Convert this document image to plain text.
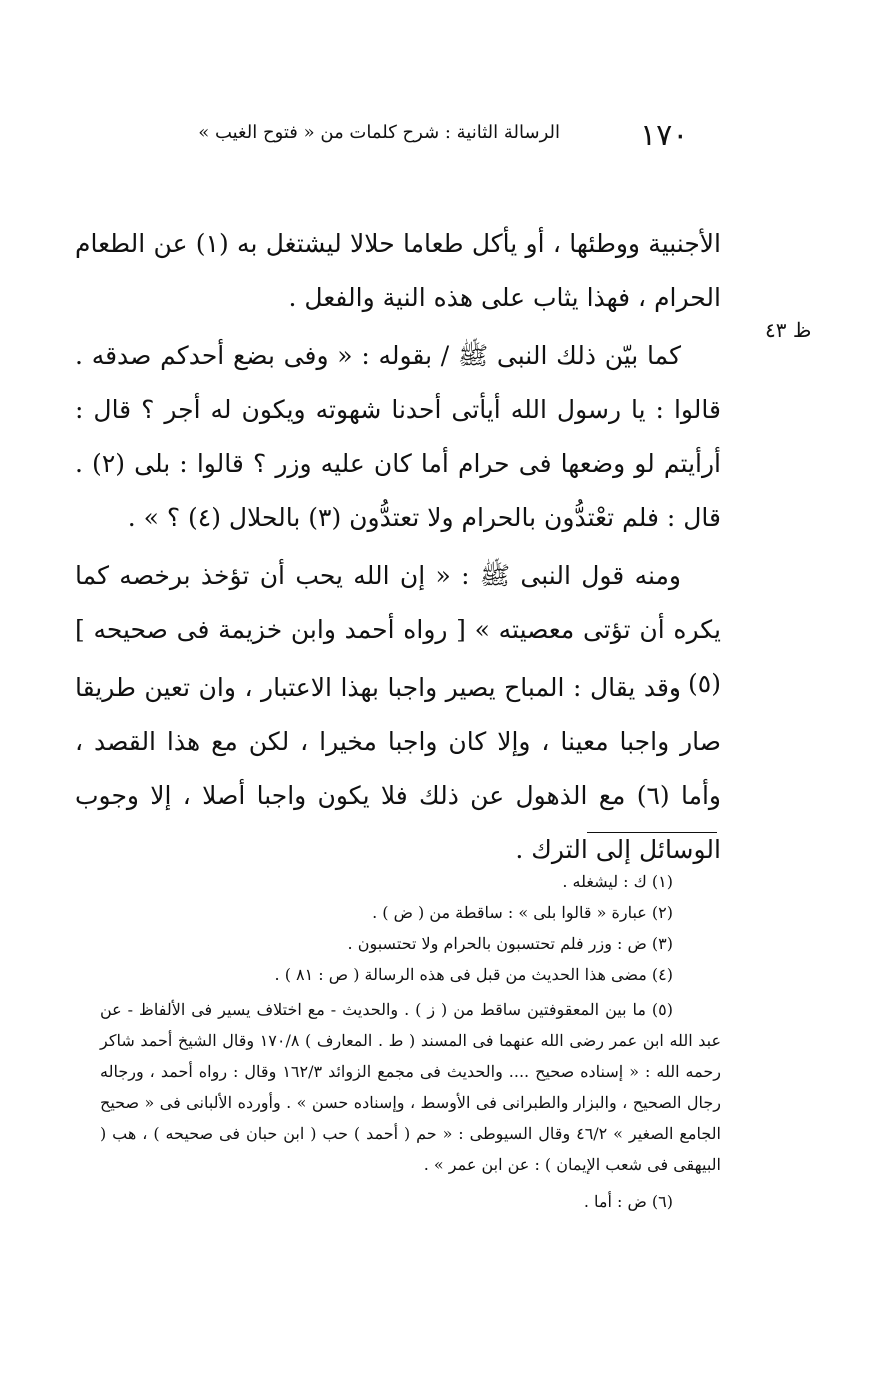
١٧٠
الرسالة الثانية : شرح كلمات من « فتوح الغيب »
ظ ٤٣

الأجنبية ووطئها ، أو يأكل طعاما حلالا ليشتغل به (١) عن الطعام الحرام ، فهذا يثاب على هذه النية والفعل .

كما بيّن ذلك النبى ﷺ / بقوله : « وفى بضع أحدكم صدقه . قالوا : يا رسول الله أيأتى أحدنا شهوته ويكون له أجر ؟ قال : أرأيتم لو وضعها فى حرام أما كان عليه وزر ؟ قالوا : بلى (٢) . قال : فلم تعْتدُّون بالحرام ولا تعتدُّون (٣) بالحلال (٤) ؟ » .

ومنه قول النبى ﷺ : « إن الله يحب أن تؤخذ برخصه كما يكره أن تؤتى معصيته » [ رواه أحمد وابن خزيمة فى صحيحه ] (٥) .

وقد يقال : المباح يصير واجبا بهذا الاعتبار ، وان تعين طريقا صار واجبا معينا ، وإلا كان واجبا مخيرا ، لكن مع هذا القصد ، وأما (٦) مع الذهول عن ذلك فلا يكون واجبا أصلا ، إلا وجوب الوسائل إلى الترك .

(١) ك : ليشغله .

(٢) عبارة « قالوا بلى » : ساقطة من ( ض ) .

(٣) ض : وزر فلم تحتسبون بالحرام ولا تحتسبون .

(٤) مضى هذا الحديث من قبل فى هذه الرسالة ( ص : ٨١ ) .

(٥) ما بين المعقوفتين ساقط من ( ز ) . والحديث - مع اختلاف يسير فى الألفاظ - عن عبد الله ابن عمر رضى الله عنهما فى المسند ( ط . المعارف ) ١٧٠/٨ وقال الشيخ أحمد شاكر رحمه الله : « إسناده صحيح .... والحديث فى مجمع الزوائد ١٦٢/٣ وقال : رواه أحمد ، ورجاله رجال الصحيح ، والبزار والطبرانى فى الأوسط ، وإسناده حسن » . وأورده الألبانى فى « صحيح الجامع الصغير » ٤٦/٢ وقال السيوطى : « حم ( أحمد ) حب ( ابن حبان فى صحيحه ) ، هب ( البيهقى فى شعب الإيمان ) : عن ابن عمر » .

(٦) ض : أما .
